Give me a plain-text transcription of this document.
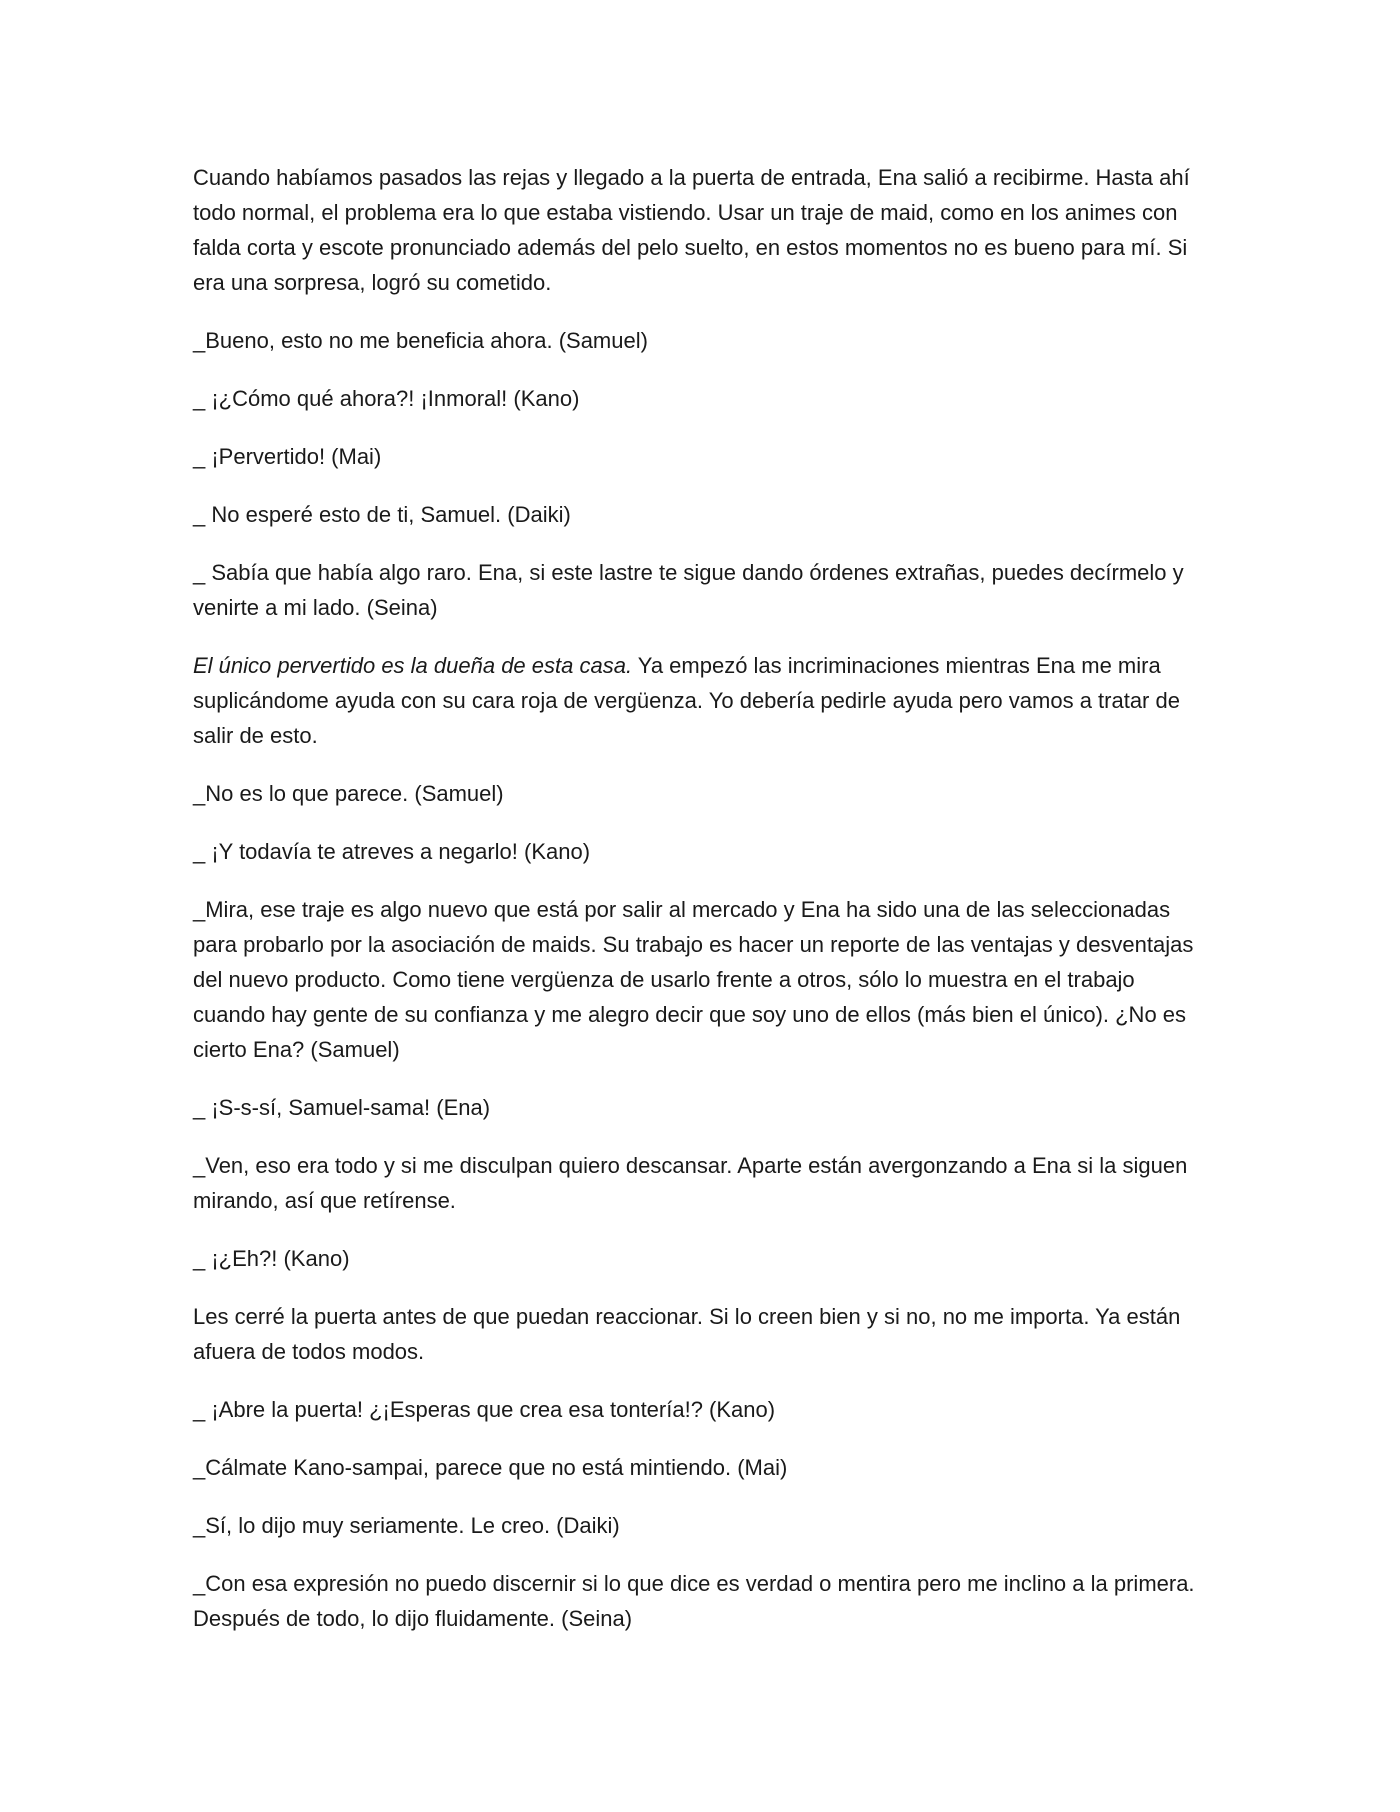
Cuando habíamos pasados las rejas y llegado a la puerta de entrada, Ena salió a recibirme. Hasta ahí todo normal, el problema era lo que estaba vistiendo. Usar un traje de maid, como en los animes con falda corta y escote pronunciado además del pelo suelto, en estos momentos no es bueno para mí. Si era una sorpresa, logró su cometido.

_Bueno, esto no me beneficia ahora. (Samuel)

_ ¡¿Cómo qué ahora?! ¡Inmoral! (Kano)

_ ¡Pervertido! (Mai)

_ No esperé esto de ti, Samuel. (Daiki)

_ Sabía que había algo raro. Ena, si este lastre te sigue dando órdenes extrañas, puedes decírmelo y venirte a mi lado. (Seina)

El único pervertido es la dueña de esta casa. Ya empezó las incriminaciones mientras Ena me mira suplicándome ayuda con su cara roja de vergüenza. Yo debería pedirle ayuda pero vamos a tratar de salir de esto.

_No es lo que parece. (Samuel)

_ ¡Y todavía te atreves a negarlo! (Kano)

_Mira, ese traje es algo nuevo que está por salir al mercado y Ena ha sido una de las seleccionadas para probarlo por la asociación de maids. Su trabajo es hacer un reporte de las ventajas y desventajas del nuevo producto. Como tiene vergüenza de usarlo frente a otros, sólo lo muestra en el trabajo cuando hay gente de su confianza y me alegro decir que soy uno de ellos (más bien el único). ¿No es cierto Ena? (Samuel)

_ ¡S-s-sí, Samuel-sama! (Ena)

_Ven, eso era todo y si me disculpan quiero descansar. Aparte están avergonzando a Ena si la siguen mirando, así que retírense.

_ ¡¿Eh?! (Kano)

Les cerré la puerta antes de que puedan reaccionar. Si lo creen bien y si no, no me importa. Ya están afuera de todos modos.

_ ¡Abre la puerta! ¿¡Esperas que crea esa tontería!? (Kano)

_Cálmate Kano-sampai, parece que no está mintiendo. (Mai)

_Sí, lo dijo muy seriamente. Le creo. (Daiki)

_Con esa expresión no puedo discernir si lo que dice es verdad o mentira pero me inclino a la primera. Después de todo, lo dijo fluidamente. (Seina)
